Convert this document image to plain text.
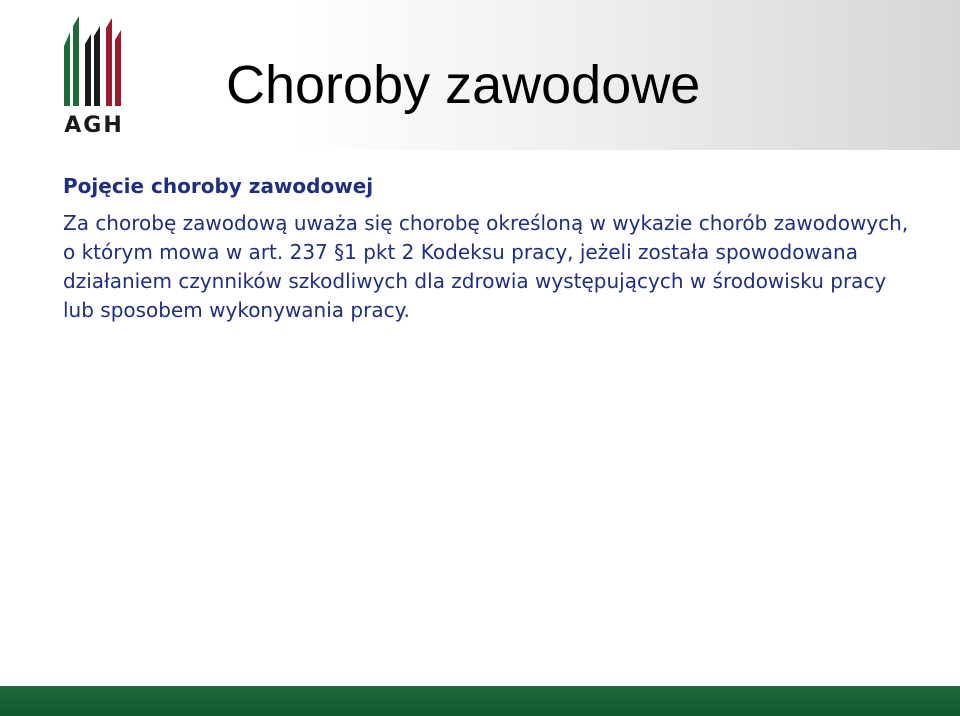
AGH
Choroby zawodowe

Pojęcie choroby zawodowej

Za chorobę zawodową uważa się chorobę określoną w wykazie chorób zawodowych, o którym mowa w art. 237 §1 pkt 2 Kodeksu pracy, jeżeli została spowodowana działaniem czynników szkodliwych dla zdrowia występujących w środowisku pracy lub sposobem wykonywania pracy.
